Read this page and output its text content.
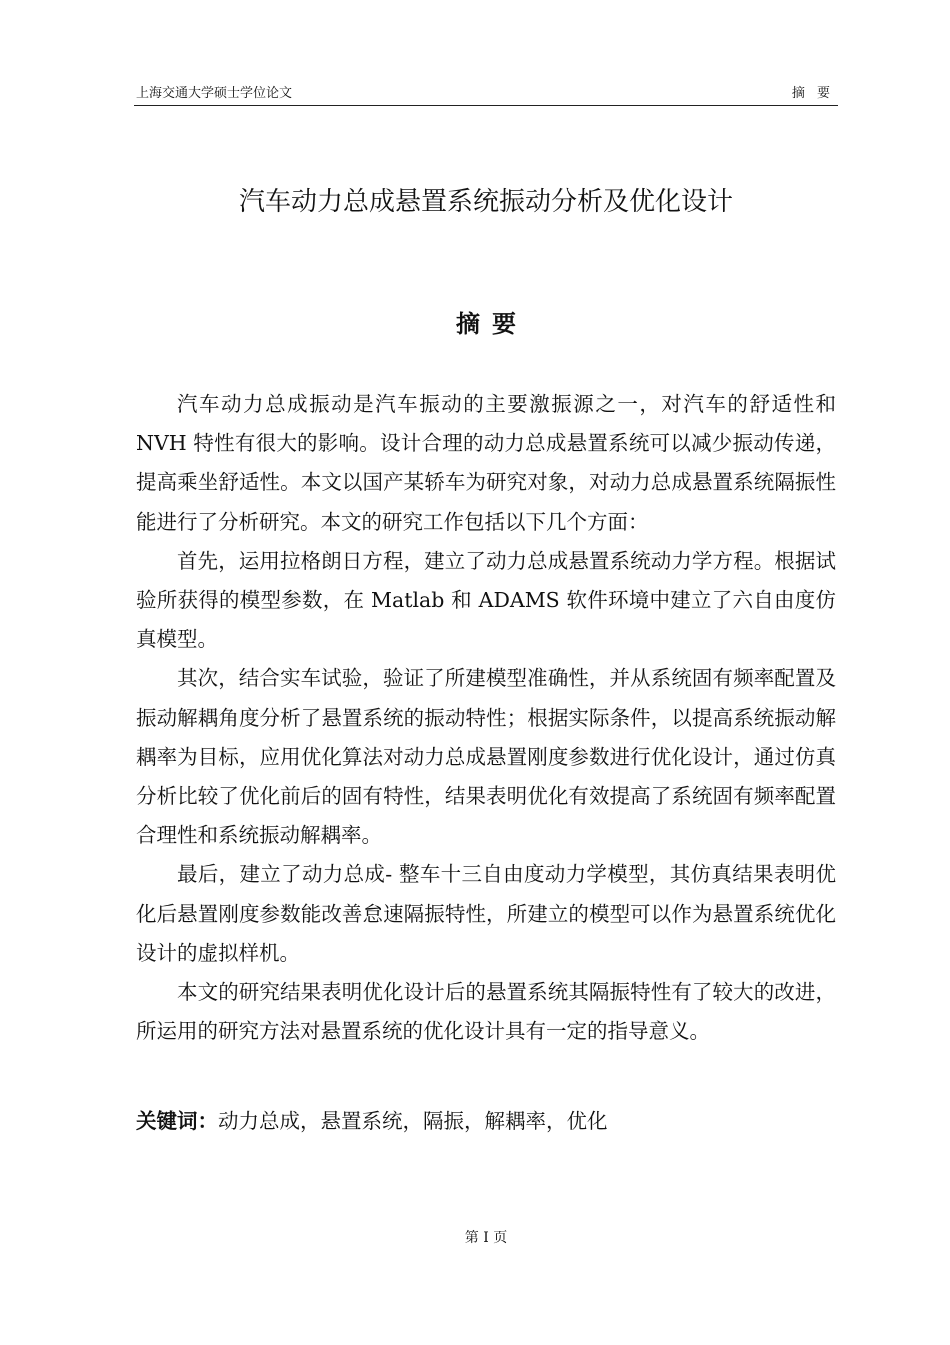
上海交通大学硕士学位论文	摘 要
汽车动力总成悬置系统振动分析及优化设计
摘要

汽车动力总成振动是汽车振动的主要激振源之一，对汽车的舒适性和 NVH 特性有很大的影响。设计合理的动力总成悬置系统可以减少振动传递，提高乘坐舒适性。本文以国产某轿车为研究对象，对动力总成悬置系统隔振性能进行了分析研究。本文的研究工作包括以下几个方面：

首先，运用拉格朗日方程，建立了动力总成悬置系统动力学方程。根据试验所获得的模型参数，在 Matlab 和 ADAMS 软件环境中建立了六自由度仿真模型。

其次，结合实车试验，验证了所建模型准确性，并从系统固有频率配置及振动解耦角度分析了悬置系统的振动特性；根据实际条件，以提高系统振动解耦率为目标，应用优化算法对动力总成悬置刚度参数进行优化设计，通过仿真分析比较了优化前后的固有特性，结果表明优化有效提高了系统固有频率配置合理性和系统振动解耦率。

最后，建立了动力总成- 整车十三自由度动力学模型，其仿真结果表明优化后悬置刚度参数能改善怠速隔振特性，所建立的模型可以作为悬置系统优化设计的虚拟样机。

本文的研究结果表明优化设计后的悬置系统其隔振特性有了较大的改进，所运用的研究方法对悬置系统的优化设计具有一定的指导意义。

关键词：动力总成，悬置系统，隔振，解耦率，优化
第 I 页
